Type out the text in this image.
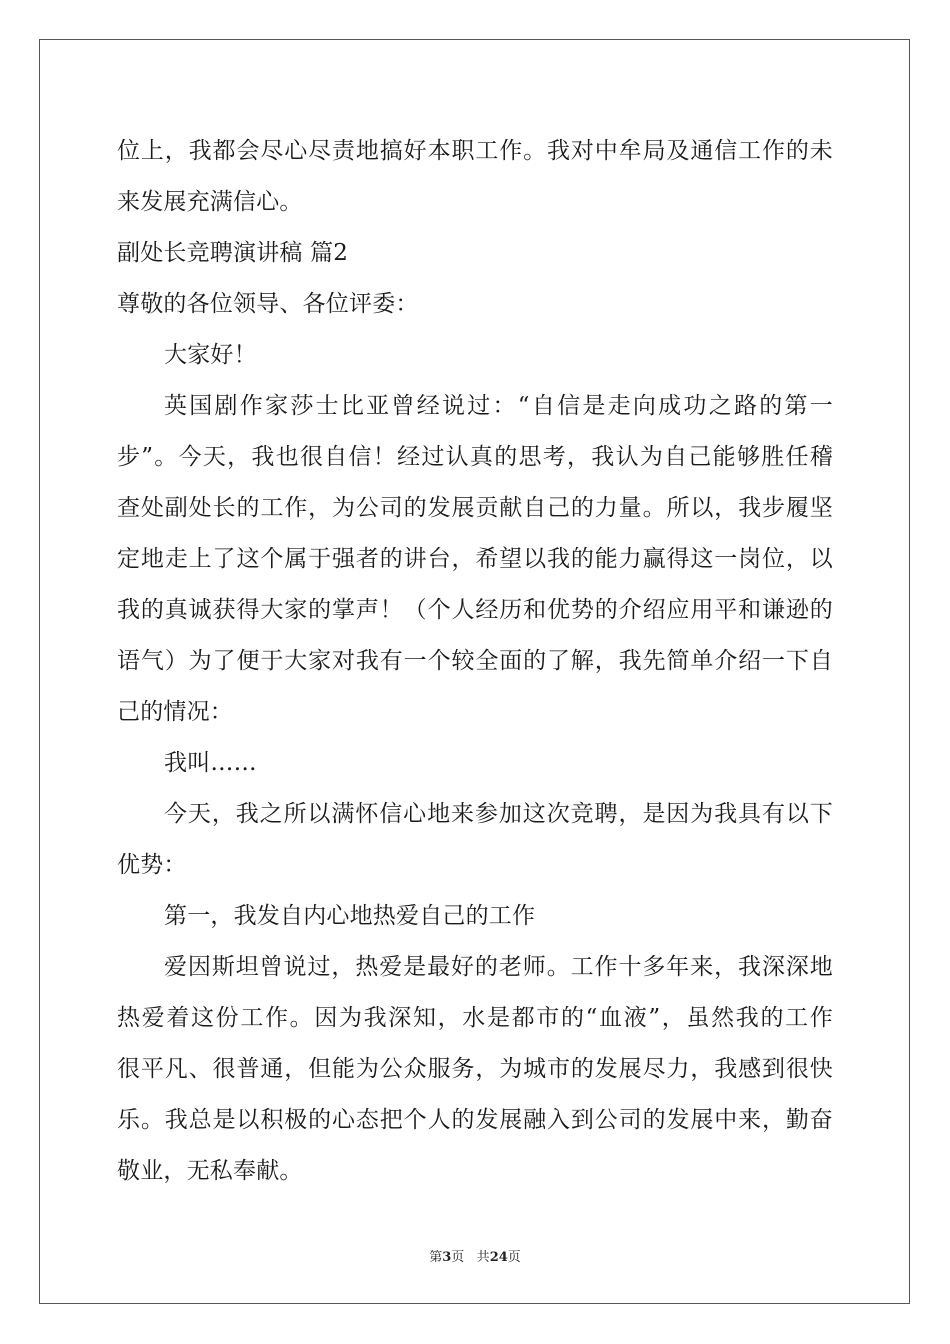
位上，我都会尽心尽责地搞好本职工作。我对中牟局及通信工作的未
来发展充满信心。
副处长竞聘演讲稿 篇2
尊敬的各位领导、各位评委：
大家好！
英国剧作家莎士比亚曾经说过：“自信是走向成功之路的第一
步”。今天，我也很自信！经过认真的思考，我认为自己能够胜任稽
查处副处长的工作，为公司的发展贡献自己的力量。所以，我步履坚
定地走上了这个属于强者的讲台，希望以我的能力赢得这一岗位，以
我的真诚获得大家的掌声！（个人经历和优势的介绍应用平和谦逊的
语气）为了便于大家对我有一个较全面的了解，我先简单介绍一下自
己的情况：
我叫……
今天，我之所以满怀信心地来参加这次竞聘，是因为我具有以下
优势：
第一，我发自内心地热爱自己的工作
爱因斯坦曾说过，热爱是最好的老师。工作十多年来，我深深地
热爱着这份工作。因为我深知，水是都市的“血液”，虽然我的工作
很平凡、很普通，但能为公众服务，为城市的发展尽力，我感到很快
乐。我总是以积极的心态把个人的发展融入到公司的发展中来，勤奋
敬业，无私奉献。
第3页 共24页
